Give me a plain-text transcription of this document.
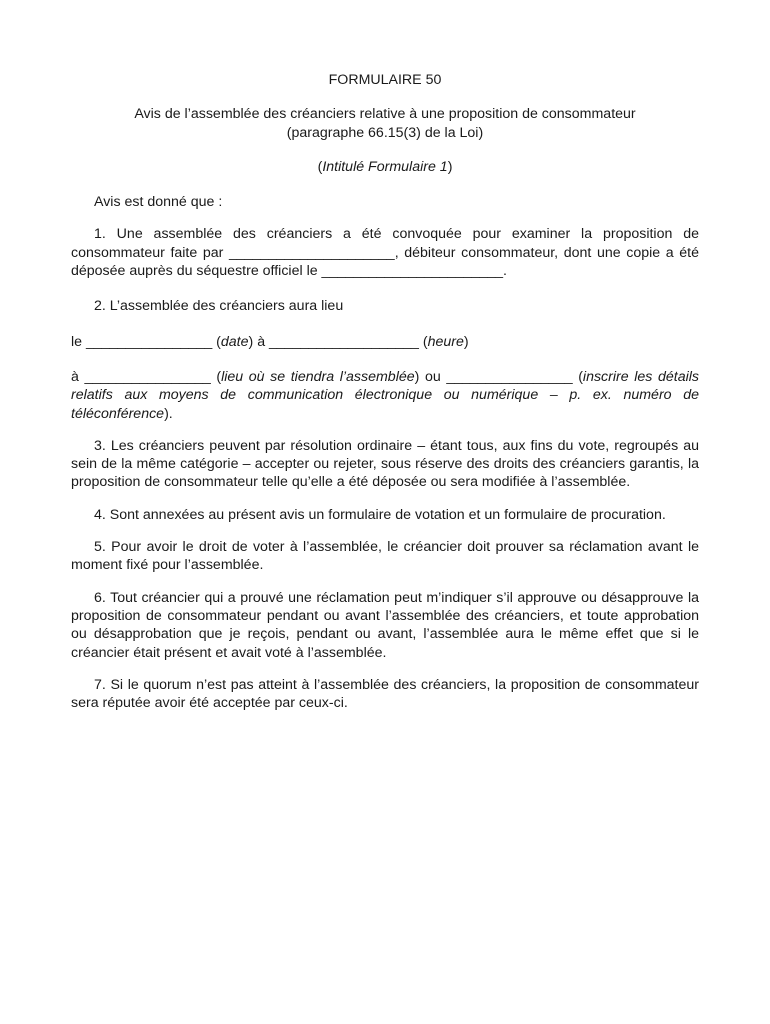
FORMULAIRE 50

Avis de l’assemblée des créanciers relative à une proposition de consommateur
(paragraphe 66.15(3) de la Loi)

(Intitulé Formulaire 1)

Avis est donné que :

1. Une assemblée des créanciers a été convoquée pour examiner la proposition de consommateur faite par _____________________, débiteur consommateur, dont une copie a été déposée auprès du séquestre officiel le _______________________.

2. L’assemblée des créanciers aura lieu

le ________________ (date) à ___________________ (heure)

à ________________ (lieu où se tiendra l’assemblée) ou ________________ (inscrire les détails relatifs aux moyens de communication électronique ou numérique – p. ex. numéro de téléconférence).

3. Les créanciers peuvent par résolution ordinaire – étant tous, aux fins du vote, regroupés au sein de la même catégorie – accepter ou rejeter, sous réserve des droits des créanciers garantis, la proposition de consommateur telle qu’elle a été déposée ou sera modifiée à l’assemblée.

4. Sont annexées au présent avis un formulaire de votation et un formulaire de procuration.

5. Pour avoir le droit de voter à l’assemblée, le créancier doit prouver sa réclamation avant le moment fixé pour l’assemblée.

6. Tout créancier qui a prouvé une réclamation peut m’indiquer s’il approuve ou désapprouve la proposition de consommateur pendant ou avant l’assemblée des créanciers, et toute approbation ou désapprobation que je reçois, pendant ou avant, l’assemblée aura le même effet que si le créancier était présent et avait voté à l’assemblée.

7. Si le quorum n’est pas atteint à l’assemblée des créanciers, la proposition de consommateur sera réputée avoir été acceptée par ceux-ci.
